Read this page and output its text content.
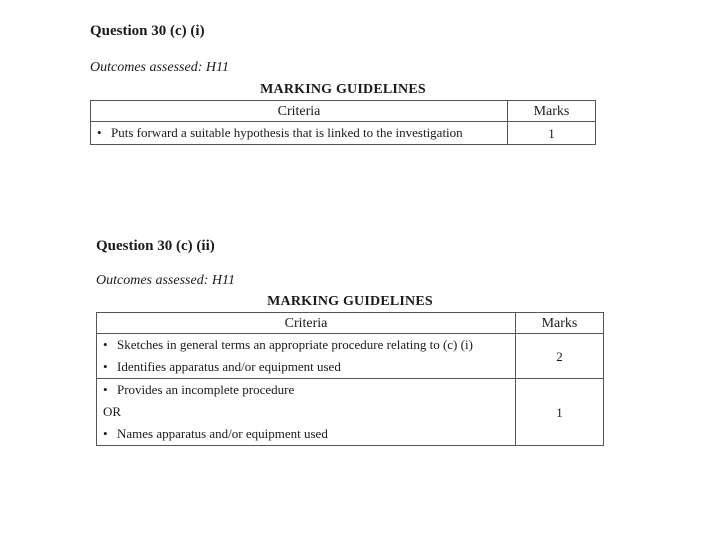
Question 30 (c) (i)
Outcomes assessed: H11
MARKING GUIDELINES
Criteria	Marks

• Puts forward a suitable hypothesis that is linked to the investigation	1
Question 30 (c) (ii)
Outcomes assessed: H11
MARKING GUIDELINES
Criteria	Marks

• Sketches in general terms an appropriate procedure relating to (c) (i)
• Identifies apparatus and/or equipment used	2

• Provides an incomplete procedure
OR
• Names apparatus and/or equipment used	1
